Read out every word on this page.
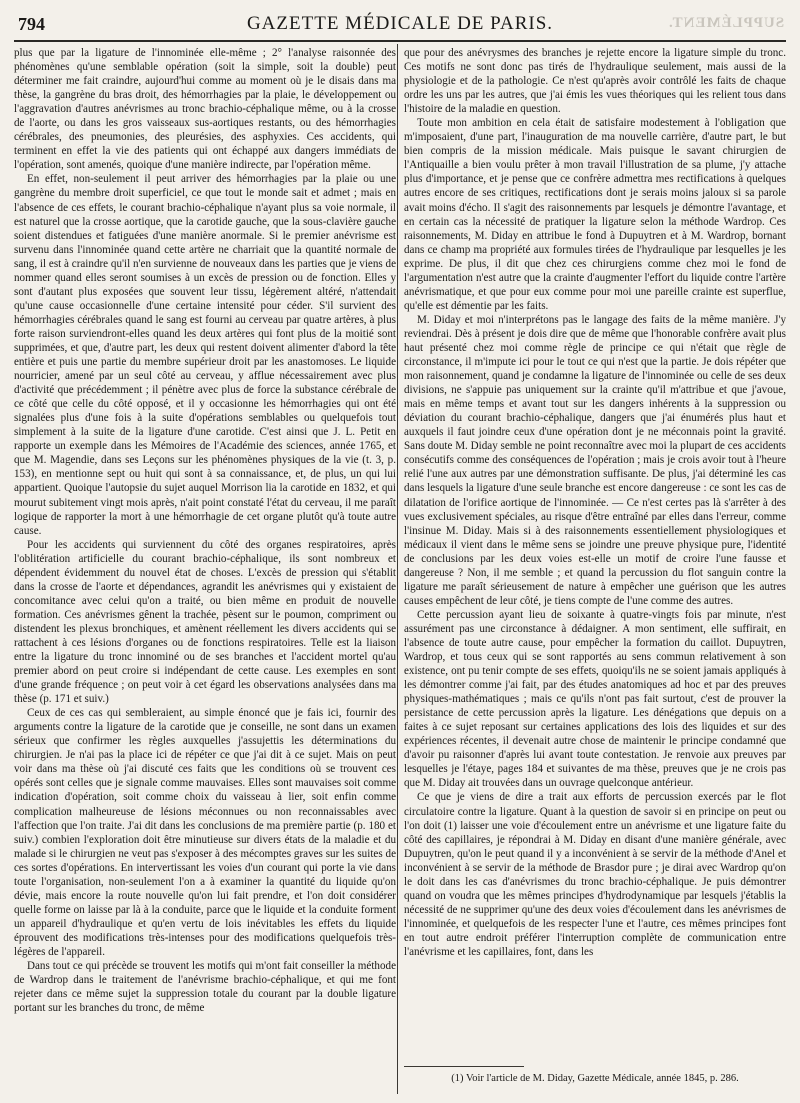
794	GAZETTE MÉDICALE DE PARIS.	SUPPLÉMENT.

plus que par la ligature de l'innominée elle-même ; 2° l'analyse raisonnée des phénomènes qu'une semblable opération (soit la simple, soit la double) peut déterminer me fait craindre, aujourd'hui comme au moment où je le disais dans ma thèse, la gangrène du bras droit, des hémorrhagies par la plaie, le développement ou l'aggravation d'autres anévrismes au tronc brachio-céphalique même, ou à la crosse de l'aorte, ou dans les gros vaisseaux sus-aortiques restants, ou des hémorrhagies cérébrales, des pneumonies, des pleurésies, des asphyxies. Ces accidents, qui terminent en effet la vie des patients qui ont échappé aux dangers immédiats de l'opération, sont amenés, quoique d'une manière indirecte, par l'opération même.

En effet, non-seulement il peut arriver des hémorrhagies par la plaie ou une gangrène du membre droit superficiel, ce que tout le monde sait et admet ; mais en l'absence de ces effets, le courant brachio-céphalique n'ayant plus sa voie normale, il est naturel que la crosse aortique, que la carotide gauche, que la sous-clavière gauche soient distendues et fatiguées d'une manière anormale. Si le premier anévrisme est survenu dans l'innominée quand cette artère ne charriait que la quantité normale de sang, il est à craindre qu'il n'en survienne de nouveaux dans les parties que je viens de nommer quand elles seront soumises à un excès de pression ou de fonction. Elles y sont d'autant plus exposées que souvent leur tissu, légèrement altéré, n'attendait qu'une cause occasionnelle d'une certaine intensité pour céder. S'il survient des hémorrhagies cérébrales quand le sang est fourni au cerveau par quatre artères, à plus forte raison surviendront-elles quand les deux artères qui font plus de la moitié sont supprimées, et que, d'autre part, les deux qui restent doivent alimenter d'abord la tête entière et puis une partie du membre supérieur droit par les anastomoses. Le liquide nourricier, amené par un seul côté au cerveau, y afflue nécessairement avec plus d'activité que précédemment ; il pénètre avec plus de force la substance cérébrale de ce côté que celle du côté opposé, et il y occasionne les hémorrhagies qui ont été signalées plus d'une fois à la suite d'opérations semblables ou quelquefois tout simplement à la suite de la ligature d'une carotide. C'est ainsi que J. L. Petit en rapporte un exemple dans les Mémoires de l'Académie des sciences, année 1765, et que M. Magendie, dans ses Leçons sur les phénomènes physiques de la vie (t. 3, p. 153), en mentionne sept ou huit qui sont à sa connaissance, et, de plus, un qui lui appartient. Quoique l'autopsie du sujet auquel Morrison lia la carotide en 1832, et qui mourut subitement vingt mois après, n'ait point constaté l'état du cerveau, il me paraît logique de rapporter la mort à une hémorrhagie de cet organe plutôt qu'à toute autre cause.

Pour les accidents qui surviennent du côté des organes respiratoires, après l'oblitération artificielle du courant brachio-céphalique, ils sont nombreux et dépendent évidemment du nouvel état de choses. L'excès de pression qui s'établit dans la crosse de l'aorte et dépendances, agrandit les anévrismes qui y existaient de concomitance avec celui qu'on a traité, ou bien même en produit de nouvelle formation. Ces anévrismes gênent la trachée, pèsent sur le poumon, compriment ou distendent les plexus bronchiques, et amènent réellement les divers accidents qui se rattachent à ces lésions d'organes ou de fonctions respiratoires. Telle est la liaison entre la ligature du tronc innominé ou de ses branches et l'accident mortel qu'au premier abord on peut croire si indépendant de cette cause. Les exemples en sont d'une grande fréquence ; on peut voir à cet égard les observations analysées dans ma thèse (p. 171 et suiv.)

Ceux de ces cas qui sembleraient, au simple énoncé que je fais ici, fournir des arguments contre la ligature de la carotide que je conseille, ne sont dans un examen sérieux que confirmer les règles auxquelles j'assujettis les déterminations du chirurgien. Je n'ai pas la place ici de répéter ce que j'ai dit à ce sujet. Mais on peut voir dans ma thèse où j'ai discuté ces faits que les conditions où se trouvent ces opérés sont celles que je signale comme mauvaises. Elles sont mauvaises soit comme indication d'opération, soit comme choix du vaisseau à lier, soit enfin comme complication malheureuse de lésions méconnues ou non reconnaissables avec l'affection que l'on traite. J'ai dit dans les conclusions de ma première partie (p. 180 et suiv.) combien l'exploration doit être minutieuse sur divers états de la maladie et du malade si le chirurgien ne veut pas s'exposer à des mécomptes graves sur les suites de ces sortes d'opérations. En intervertissant les voies d'un courant qui porte la vie dans toute l'organisation, non-seulement l'on a à examiner la quantité du liquide qu'on dévie, mais encore la route nouvelle qu'on lui fait prendre, et l'on doit considérer quelle forme on laisse par là à la conduite, parce que le liquide et la conduite forment un appareil d'hydraulique et qu'en vertu de lois inévitables les effets du liquide éprouvent des modifications très-intenses pour des modifications quelquefois très-légères de l'appareil.

Dans tout ce qui précède se trouvent les motifs qui m'ont fait conseiller la méthode de Wardrop dans le traitement de l'anévrisme brachio-céphalique, et qui me font rejeter dans ce même sujet la suppression totale du courant par la double ligature portant sur les branches du tronc, de même

que pour des anévrysmes des branches je rejette encore la ligature simple du tronc. Ces motifs ne sont donc pas tirés de l'hydraulique seulement, mais aussi de la physiologie et de la pathologie. Ce n'est qu'après avoir contrôlé les faits de chaque ordre les uns par les autres, que j'ai émis les vues théoriques qui les relient tous dans l'histoire de la maladie en question.

Toute mon ambition en cela était de satisfaire modestement à l'obligation que m'imposaient, d'une part, l'inauguration de ma nouvelle carrière, d'autre part, le but bien compris de la mission médicale. Mais puisque le savant chirurgien de l'Antiquaille a bien voulu prêter à mon travail l'illustration de sa plume, j'y attache plus d'importance, et je pense que ce confrère admettra mes rectifications à quelques autres encore de ses critiques, rectifications dont je serais moins jaloux si sa parole avait moins d'écho. Il s'agit des raisonnements par lesquels je démontre l'avantage, et en certain cas la nécessité de pratiquer la ligature selon la méthode Wardrop. Ces raisonnements, M. Diday en attribue le fond à Dupuytren et à M. Wardrop, bornant dans ce champ ma propriété aux formules tirées de l'hydraulique par lesquelles je les exprime. De plus, il dit que chez ces chirurgiens comme chez moi le fond de l'argumentation n'est autre que la crainte d'augmenter l'effort du liquide contre l'artère anévrismatique, et que pour eux comme pour moi une pareille crainte est superflue, qu'elle est démentie par les faits.

M. Diday et moi n'interprétons pas le langage des faits de la même manière. J'y reviendrai. Dès à présent je dois dire que de même que l'honorable confrère avait plus haut présenté chez moi comme règle de principe ce qui n'était que règle de circonstance, il m'impute ici pour le tout ce qui n'est que la partie. Je dois répéter que mon raisonnement, quand je condamne la ligature de l'innominée ou celle de ses deux divisions, ne s'appuie pas uniquement sur la crainte qu'il m'attribue et que j'avoue, mais en même temps et avant tout sur les dangers inhérents à la suppression ou déviation du courant brachio-céphalique, dangers que j'ai énumérés plus haut et auxquels il faut joindre ceux d'une opération dont je ne méconnais point la gravité. Sans doute M. Diday semble ne point reconnaître avec moi la plupart de ces accidents consécutifs comme des conséquences de l'opération ; mais je crois avoir tout à l'heure relié l'une aux autres par une démonstration suffisante. De plus, j'ai déterminé les cas dans lesquels la ligature d'une seule branche est encore dangereuse : ce sont les cas de dilatation de l'orifice aortique de l'innominée. — Ce n'est certes pas là s'arrêter à des vues exclusivement spéciales, au risque d'être entraîné par elles dans l'erreur, comme l'insinue M. Diday. Mais si à des raisonnements essentiellement physiologiques et médicaux il vient dans le même sens se joindre une preuve physique pure, l'identité de conclusions par les deux voies est-elle un motif de croire l'une fausse et dangereuse ? Non, il me semble ; et quand la percussion du flot sanguin contre la ligature me paraît sérieusement de nature à empêcher une guérison que les autres causes empêchent de leur côté, je tiens compte de l'une comme des autres.

Cette percussion ayant lieu de soixante à quatre-vingts fois par minute, n'est assurément pas une circonstance à dédaigner. A mon sentiment, elle suffirait, en l'absence de toute autre cause, pour empêcher la formation du caillot. Dupuytren, Wardrop, et tous ceux qui se sont rapportés au sens commun relativement à son existence, ont pu tenir compte de ses effets, quoiqu'ils ne se soient jamais appliqués à les démontrer comme j'ai fait, par des études anatomiques ad hoc et par des preuves physiques-mathématiques ; mais ce qu'ils n'ont pas fait surtout, c'est de prouver la persistance de cette percussion après la ligature. Les dénégations que depuis on a faites à ce sujet reposant sur certaines applications des lois des liquides et sur des expériences récentes, il devenait autre chose de maintenir le principe condamné que d'avoir pu raisonner d'après lui avant toute contestation. Je renvoie aux preuves par lesquelles je l'étaye, pages 184 et suivantes de ma thèse, preuves que je ne crois pas que M. Diday ait trouvées dans un ouvrage quelconque antérieur.

Ce que je viens de dire a trait aux efforts de percussion exercés par le flot circulatoire contre la ligature. Quant à la question de savoir si en principe on peut ou l'on doit (1) laisser une voie d'écoulement entre un anévrisme et une ligature faite du côté des capillaires, je répondrai à M. Diday en disant d'une manière générale, avec Dupuytren, qu'on le peut quand il y a inconvénient à se servir de la méthode d'Anel et inconvénient à se servir de la méthode de Brasdor pure ; je dirai avec Wardrop qu'on le doit dans les cas d'anévrismes du tronc brachio-céphalique. Je puis démontrer quand on voudra que les mêmes principes d'hydrodynamique par lesquels j'établis la nécessité de ne supprimer qu'une des deux voies d'écoulement dans les anévrismes de l'innominée, et quelquefois de les respecter l'une et l'autre, ces mêmes principes font en tout autre endroit préférer l'interruption complète de communication entre l'anévrisme et les capillaires, font, dans les

(1) Voir l'article de M. Diday, Gazette Médicale, année 1845, p. 286.
